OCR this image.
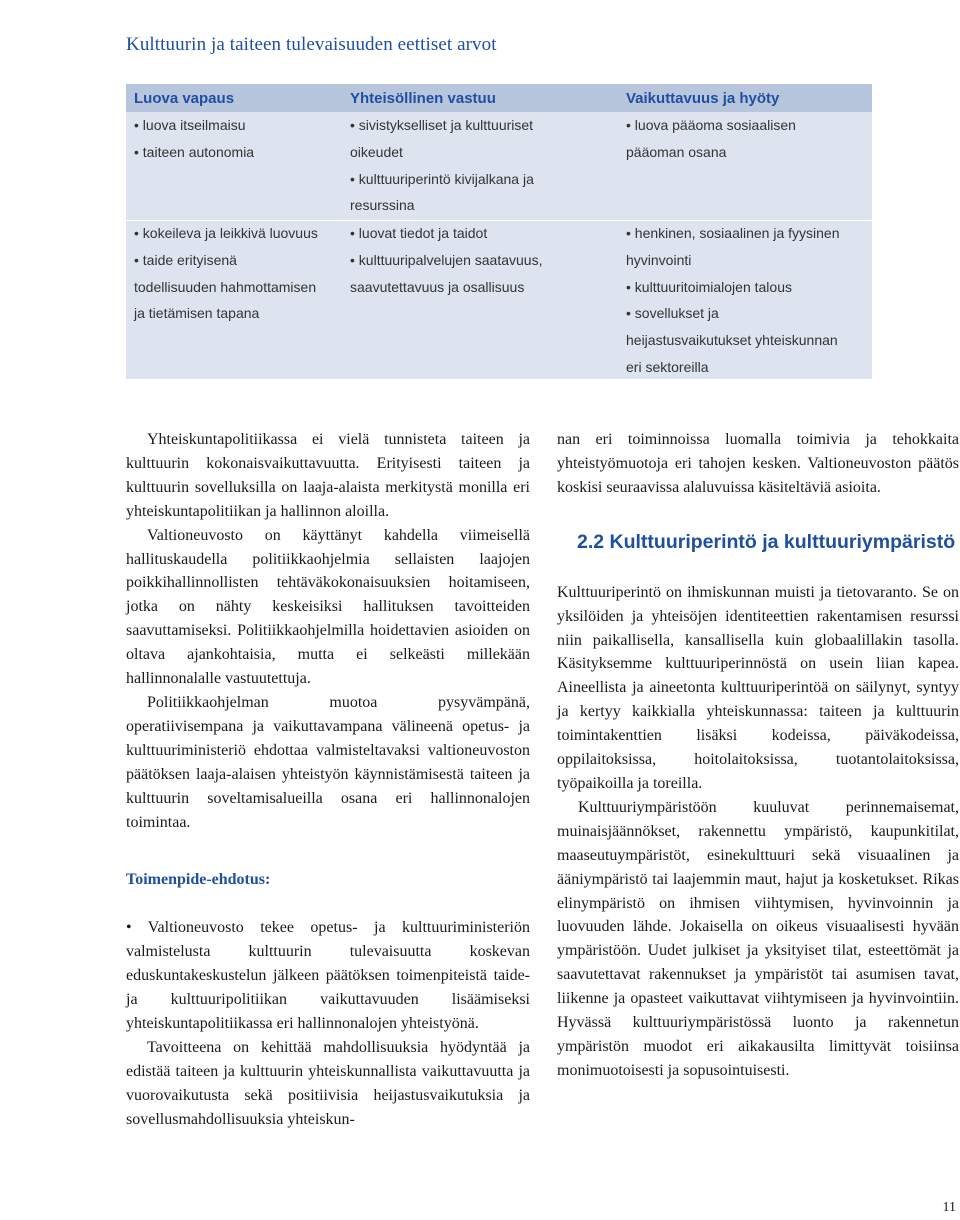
Kulttuurin ja taiteen tulevaisuuden eettiset arvot
Luova vapaus	Yhteisöllinen vastuu	Vaikuttavuus ja hyöty

• luova itseilmaisu

• taiteen autonomia

• sivistykselliset ja kulttuuriset

oikeudet

• kulttuuriperintö kivijalkana ja

resurssina

• luova pääoma sosiaalisen

pääoman osana

• kokeileva ja leikkivä luovuus

• taide erityisenä

todellisuuden hahmottamisen

ja tietämisen tapana

• luovat tiedot ja taidot

• kulttuuripalvelujen saatavuus,

saavutettavuus ja osallisuus

• henkinen, sosiaalinen ja fyysinen

hyvinvointi

• kulttuuritoimialojen talous

• sovellukset ja

heijastusvaikutukset yhteiskunnan

eri sektoreilla

Yhteiskuntapolitiikassa ei vielä tunnisteta taiteen ja kulttuurin kokonaisvaikuttavuutta. Erityisesti taiteen ja kulttuurin sovelluksilla on laaja-alaista merkitystä monilla eri yhteiskuntapolitiikan ja hallinnon aloilla.

Valtioneuvosto on käyttänyt kahdella viimeisellä hallituskaudella politiikkaohjelmia sellaisten laajojen poikkihallinnollisten tehtäväkokonaisuuksien hoitamiseen, jotka on nähty keskeisiksi hallituksen tavoitteiden saavuttamiseksi. Politiikkaohjelmilla hoidettavien asioiden on oltava ajankohtaisia, mutta ei selkeästi millekään hallinnonalalle vastuutettuja.

Politiikkaohjelman muotoa pysyvämpänä, operatiivisempana ja vaikuttavampana välineenä opetus- ja kulttuuriministeriö ehdottaa valmisteltavaksi valtioneuvoston päätöksen laaja-alaisen yhteistyön käynnistämisestä taiteen ja kulttuurin soveltamisalueilla osana eri hallinnonalojen toimintaa.

Toimenpide-ehdotus:

• Valtioneuvosto tekee opetus- ja kulttuuriministeriön valmistelusta kulttuurin tulevaisuutta koskevan eduskuntakeskustelun jälkeen päätöksen toimenpiteistä taide- ja kulttuuripolitiikan vaikuttavuuden lisäämiseksi yhteiskuntapolitiikassa eri hallinnonalojen yhteistyönä.

Tavoitteena on kehittää mahdollisuuksia hyödyntää ja edistää taiteen ja kulttuurin yhteiskunnallista vaikuttavuutta ja vuorovaikutusta sekä positiivisia heijastusvaikutuksia ja sovellusmahdollisuuksia yhteiskun-

nan eri toiminnoissa luomalla toimivia ja tehokkaita yhteistyömuotoja eri tahojen kesken. Valtioneuvoston päätös koskisi seuraavissa alaluvuissa käsiteltäviä asioita.

2.2 Kulttuuriperintö ja kulttuuriympäristö

Kulttuuriperintö on ihmiskunnan muisti ja tietovaranto. Se on yksilöiden ja yhteisöjen identiteettien rakentamisen resurssi niin paikallisella, kansallisella kuin globaalillakin tasolla. Käsityksemme kulttuuriperinnöstä on usein liian kapea. Aineellista ja aineetonta kulttuuriperintöä on säilynyt, syntyy ja kertyy kaikkialla yhteiskunnassa: taiteen ja kulttuurin toimintakenttien lisäksi kodeissa, päiväkodeissa, oppilaitoksissa, hoitolaitoksissa, tuotantolaitoksissa, työpaikoilla ja toreilla.

Kulttuuriympäristöön kuuluvat perinnemaisemat, muinaisjäännökset, rakennettu ympäristö, kaupunkitilat, maaseutuympäristöt, esinekulttuuri sekä visuaalinen ja ääniympäristö tai laajemmin maut, hajut ja kosketukset. Rikas elinympäristö on ihmisen viihtymisen, hyvinvoinnin ja luovuuden lähde. Jokaisella on oikeus visuaalisesti hyvään ympäristöön. Uudet julkiset ja yksityiset tilat, esteettömät ja saavutettavat rakennukset ja ympäristöt tai asumisen tavat, liikenne ja opasteet vaikuttavat viihtymiseen ja hyvinvointiin. Hyvässä kulttuuriympäristössä luonto ja rakennetun ympäristön muodot eri aikakausilta limittyvät toisiinsa monimuotoisesti ja sopusointuisesti.

11
